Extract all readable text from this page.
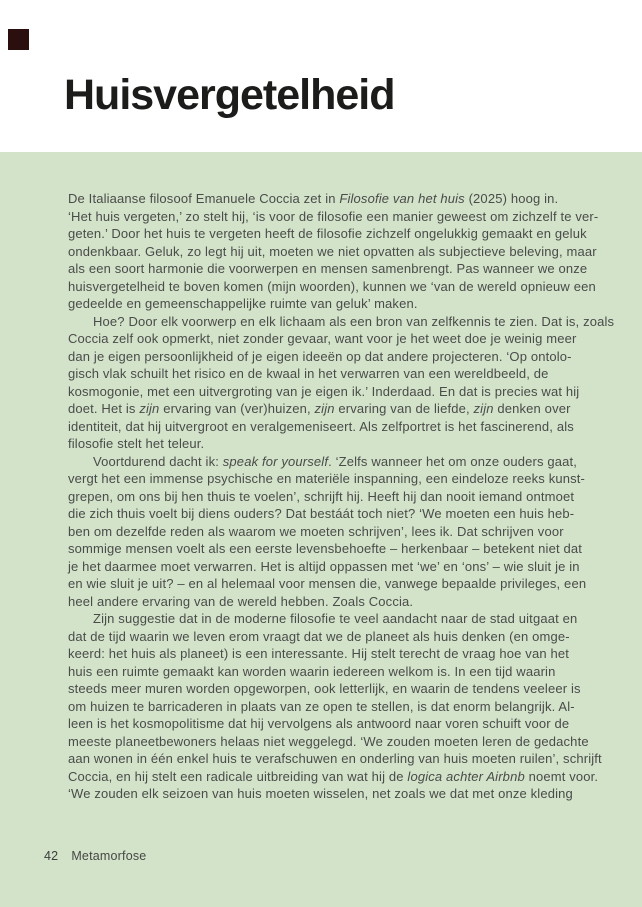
Huisvergetelheid
De Italiaanse filosoof Emanuele Coccia zet in Filosofie van het huis (2025) hoog in.
‘Het huis vergeten,’ zo stelt hij, ‘is voor de filosofie een manier geweest om zichzelf te ver-
geten.’ Door het huis te vergeten heeft de filosofie zichzelf ongelukkig gemaakt en geluk
ondenkbaar. Geluk, zo legt hij uit, moeten we niet opvatten als subjectieve beleving, maar
als een soort harmonie die voorwerpen en mensen samenbrengt. Pas wanneer we onze
huisvergetelheid te boven komen (mijn woorden), kunnen we ‘van de wereld opnieuw een
gedeelde en gemeenschappelijke ruimte van geluk’ maken.
Hoe? Door elk voorwerp en elk lichaam als een bron van zelfkennis te zien. Dat is, zoals
Coccia zelf ook opmerkt, niet zonder gevaar, want voor je het weet doe je weinig meer
dan je eigen persoonlijkheid of je eigen ideeën op dat andere projecteren. ‘Op ontolo-
gisch vlak schuilt het risico en de kwaal in het verwarren van een wereldbeeld, de
kosmogonie, met een uitvergroting van je eigen ik.’ Inderdaad. En dat is precies wat hij
doet. Het is zijn ervaring van (ver)huizen, zijn ervaring van de liefde, zijn denken over
identiteit, dat hij uitvergroot en veralgemeniseert. Als zelfportret is het fascinerend, als
filosofie stelt het teleur.
Voortdurend dacht ik: speak for yourself. ‘Zelfs wanneer het om onze ouders gaat,
vergt het een immense psychische en materiële inspanning, een eindeloze reeks kunst-
grepen, om ons bij hen thuis te voelen’, schrijft hij. Heeft hij dan nooit iemand ontmoet
die zich thuis voelt bij diens ouders? Dat bestáát toch niet? ‘We moeten een huis heb-
ben om dezelfde reden als waarom we moeten schrijven’, lees ik. Dat schrijven voor
sommige mensen voelt als een eerste levensbehoefte – herkenbaar – betekent niet dat
je het daarmee moet verwarren. Het is altijd oppassen met ‘we’ en ‘ons’ – wie sluit je in
en wie sluit je uit? – en al helemaal voor mensen die, vanwege bepaalde privileges, een
heel andere ervaring van de wereld hebben. Zoals Coccia.
Zijn suggestie dat in de moderne filosofie te veel aandacht naar de stad uitgaat en
dat de tijd waarin we leven erom vraagt dat we de planeet als huis denken (en omge-
keerd: het huis als planeet) is een interessante. Hij stelt terecht de vraag hoe van het
huis een ruimte gemaakt kan worden waarin iedereen welkom is. In een tijd waarin
steeds meer muren worden opgeworpen, ook letterlijk, en waarin de tendens veeleer is
om huizen te barricaderen in plaats van ze open te stellen, is dat enorm belangrijk. Al-
leen is het kosmopolitisme dat hij vervolgens als antwoord naar voren schuift voor de
meeste planeetbewoners helaas niet weggelegd. ‘We zouden moeten leren de gedachte
aan wonen in één enkel huis te verafschuwen en onderling van huis moeten ruilen’, schrijft
Coccia, en hij stelt een radicale uitbreiding van wat hij de logica achter Airbnb noemt voor.
‘We zouden elk seizoen van huis moeten wisselen, net zoals we dat met onze kleding
42 Metamorfose
